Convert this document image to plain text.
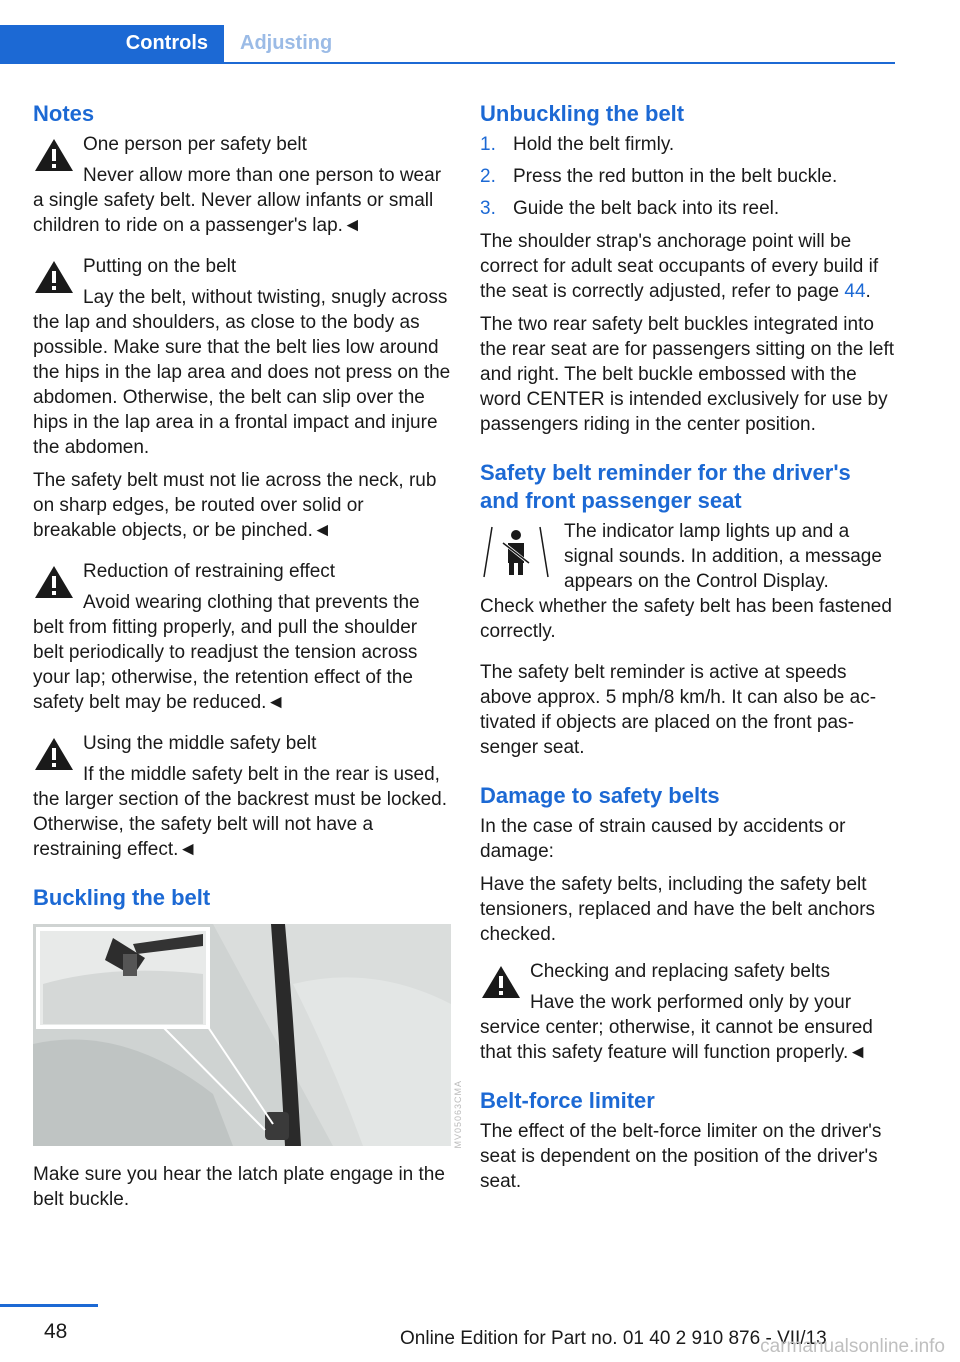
Controls	Adjusting
Notes

One person per safety belt

Never allow more than one person to wear a single safety belt. Never allow infants or small children to ride on a passenger's lap.◄

Putting on the belt

Lay the belt, without twisting, snugly across the lap and shoulders, as close to the body as possible. Make sure that the belt lies low around the hips in the lap area and does not press on the abdomen. Otherwise, the belt can slip over the hips in the lap area in a frontal impact and injure the abdomen.

The safety belt must not lie across the neck, rub on sharp edges, be routed over solid or breakable objects, or be pinched.◄

Reduction of restraining effect

Avoid wearing clothing that prevents the belt from fitting properly, and pull the shoulder belt periodically to readjust the tension across your lap; otherwise, the retention effect of the safety belt may be reduced.◄

Using the middle safety belt

If the middle safety belt in the rear is used, the larger section of the backrest must be locked. Otherwise, the safety belt will not have a restraining effect.◄

Buckling the belt

Make sure you hear the latch plate engage in the belt buckle.

MV05063CMA
Unbuckling the belt
1. Hold the belt firmly.
2. Press the red button in the belt buckle.
3. Guide the belt back into its reel.

The shoulder strap's anchorage point will be correct for adult seat occupants of every build if the seat is correctly adjusted, refer to page 44.

The two rear safety belt buckles integrated into the rear seat are for passengers sitting on the left and right. The belt buckle embossed with the word CENTER is intended exclusively for use by passengers riding in the center position.

Safety belt reminder for the driver's and front passenger seat

The indicator lamp lights up and a signal sounds. In addition, a message appears on the Control Display.

Check whether the safety belt has been fastened correctly.

The safety belt reminder is active at speeds above approx. 5 mph/8 km/h. It can also be activated if objects are placed on the front passenger seat.

Damage to safety belts

In the case of strain caused by accidents or damage:

Have the safety belts, including the safety belt tensioners, replaced and have the belt anchors checked.

Checking and replacing safety belts

Have the work performed only by your service center; otherwise, it cannot be ensured that this safety feature will function properly.◄

Belt-force limiter

The effect of the belt-force limiter on the driver's seat is dependent on the position of the driver's seat.

48	Online Edition for Part no. 01 40 2 910 876 - VII/13
carmanualsonline.info
